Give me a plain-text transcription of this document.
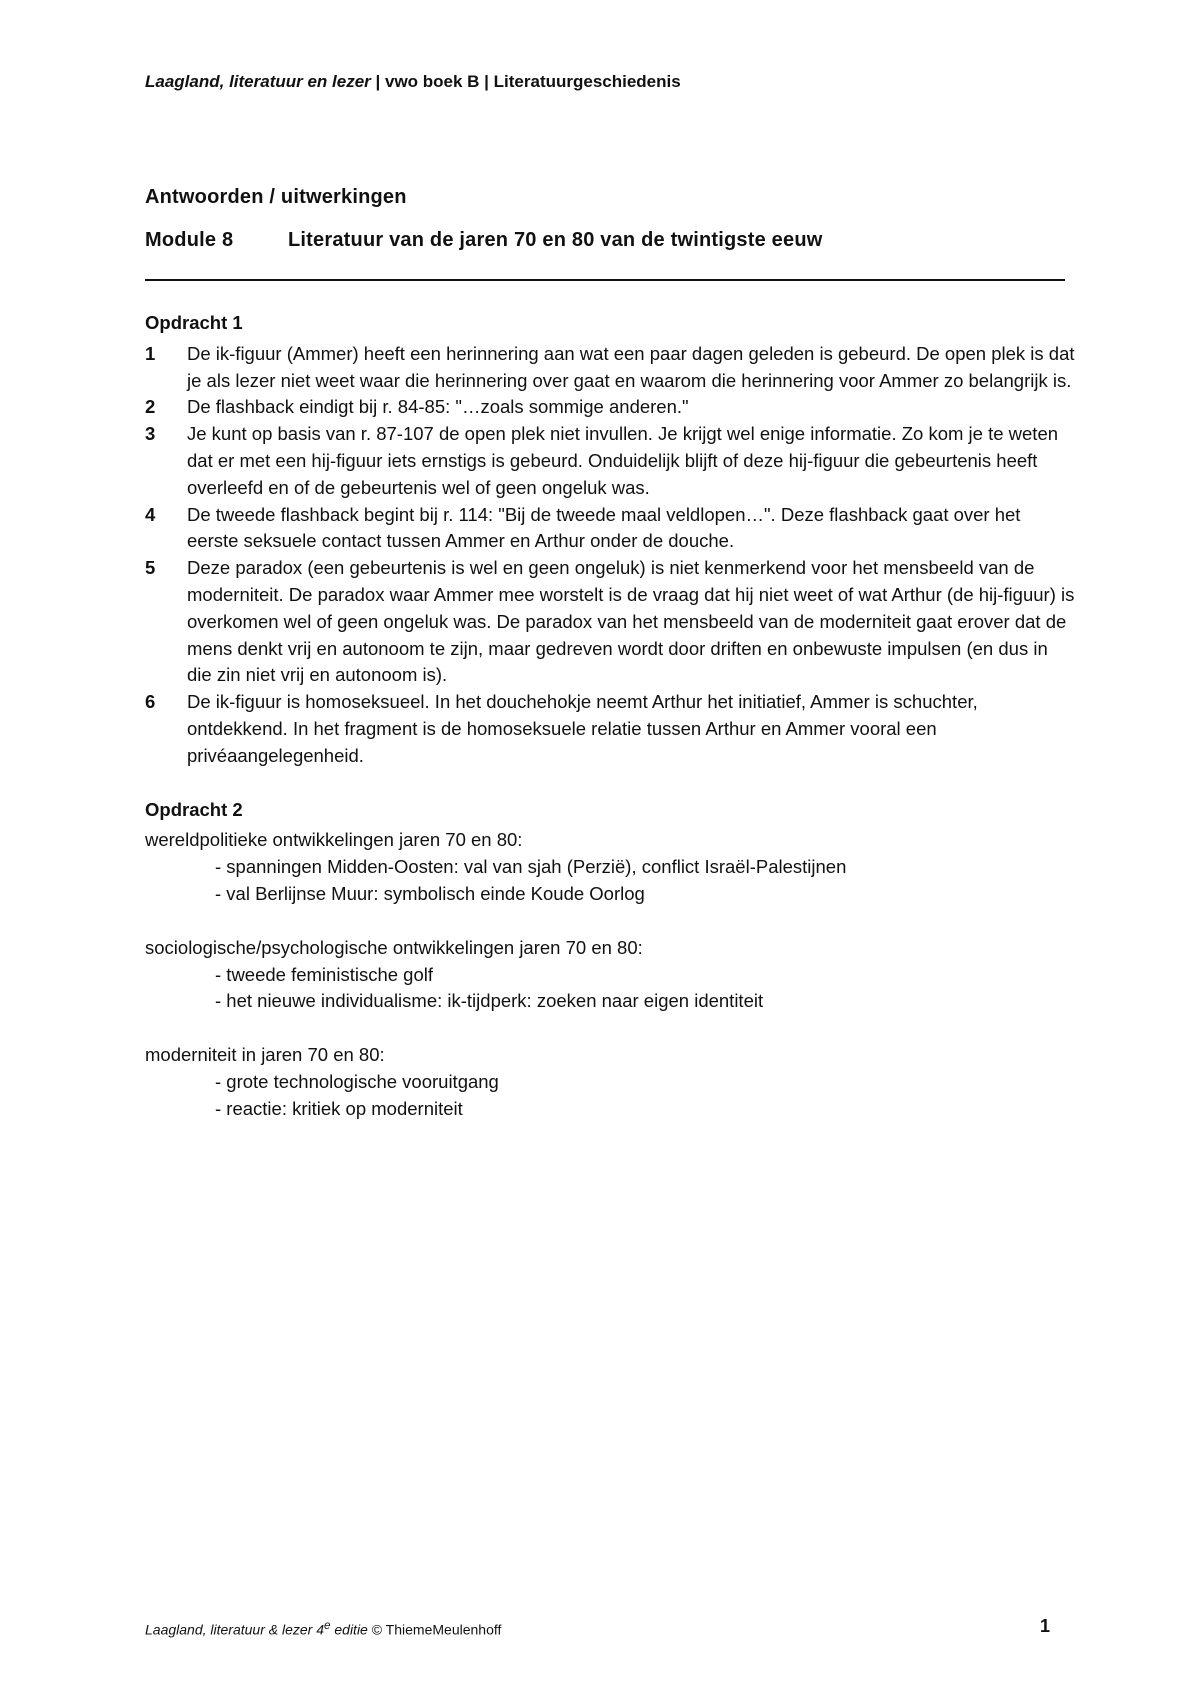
Laagland, literatuur en lezer | vwo boek B | Literatuurgeschiedenis
Antwoorden / uitwerkingen
Module 8	Literatuur van de jaren 70 en 80 van de twintigste eeuw
Opdracht 1
1 De ik-figuur (Ammer) heeft een herinnering aan wat een paar dagen geleden is gebeurd. De open plek is dat je als lezer niet weet waar die herinnering over gaat en waarom die herinnering voor Ammer zo belangrijk is.
2 De flashback eindigt bij r. 84-85: "…zoals sommige anderen."
3 Je kunt op basis van r. 87-107 de open plek niet invullen. Je krijgt wel enige informatie. Zo kom je te weten dat er met een hij-figuur iets ernstigs is gebeurd. Onduidelijk blijft of deze hij-figuur die gebeurtenis heeft overleefd en of de gebeurtenis wel of geen ongeluk was.
4 De tweede flashback begint bij r. 114: "Bij de tweede maal veldlopen…". Deze flashback gaat over het eerste seksuele contact tussen Ammer en Arthur onder de douche.
5 Deze paradox (een gebeurtenis is wel en geen ongeluk) is niet kenmerkend voor het mensbeeld van de moderniteit. De paradox waar Ammer mee worstelt is de vraag dat hij niet weet of wat Arthur (de hij-figuur) is overkomen wel of geen ongeluk was. De paradox van het mensbeeld van de moderniteit gaat erover dat de mens denkt vrij en autonoom te zijn, maar gedreven wordt door driften en onbewuste impulsen (en dus in die zin niet vrij en autonoom is).
6 De ik-figuur is homoseksueel. In het douchehokje neemt Arthur het initiatief, Ammer is schuchter, ontdekkend. In het fragment is de homoseksuele relatie tussen Arthur en Ammer vooral een privéaangelegenheid.
Opdracht 2
wereldpolitieke ontwikkelingen jaren 70 en 80:
- spanningen Midden-Oosten: val van sjah (Perzië), conflict Israël-Palestijnen
- val Berlijnse Muur: symbolisch einde Koude Oorlog
sociologische/psychologische ontwikkelingen jaren 70 en 80:
- tweede feministische golf
- het nieuwe individualisme: ik-tijdperk: zoeken naar eigen identiteit
moderniteit in jaren 70 en 80:
- grote technologische vooruitgang
- reactie: kritiek op moderniteit
Laagland, literatuur & lezer 4e editie © ThiemeMeulenhoff	1
